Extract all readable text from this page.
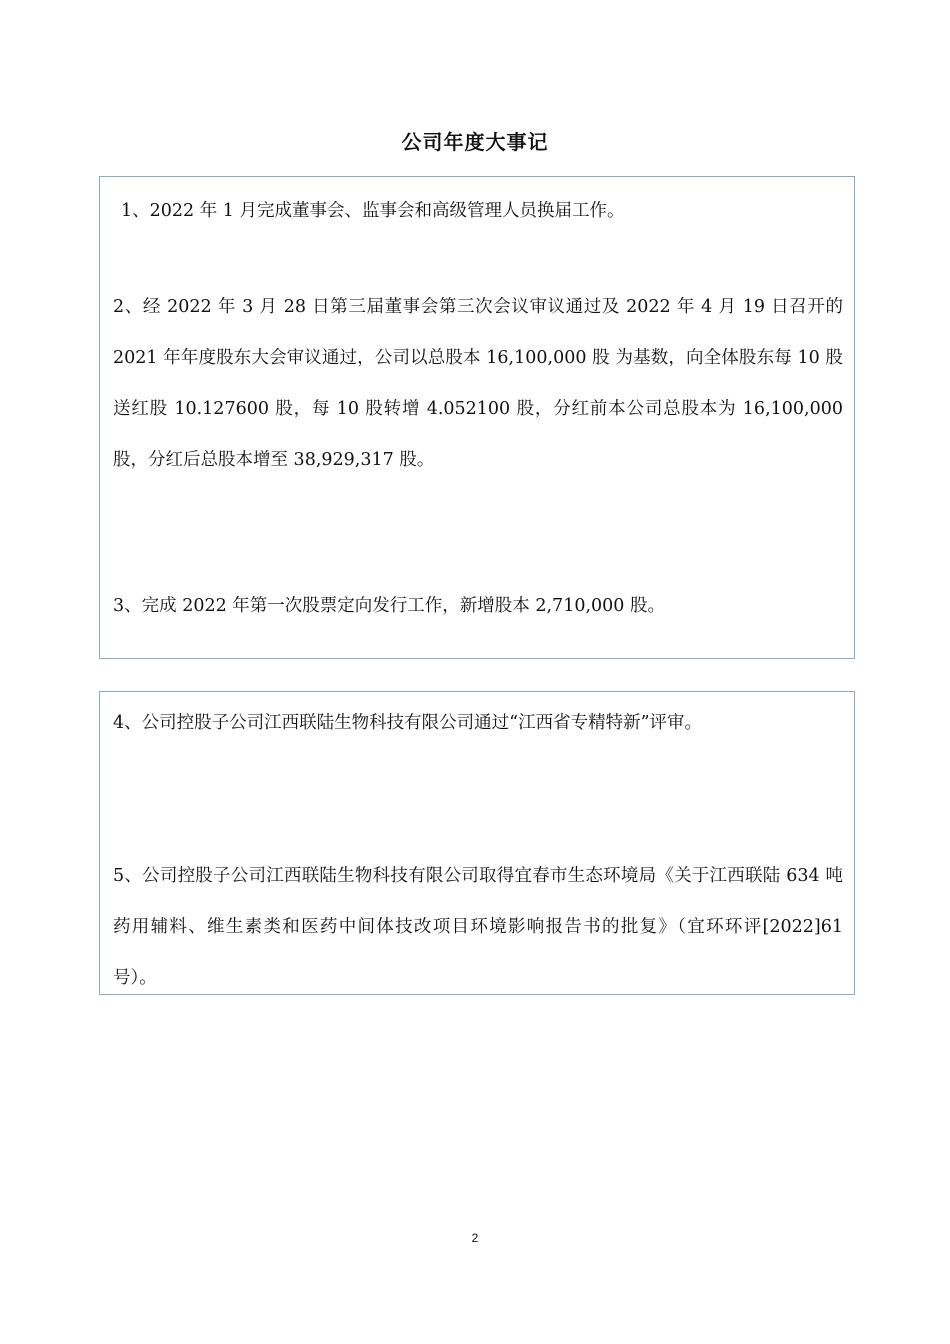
公司年度大事记

1、2022 年 1 月完成董事会、监事会和高级管理人员换届工作。

2、经 2022 年 3 月 28 日第三届董事会第三次会议审议通过及 2022 年 4 月 19 日召开的 2021 年年度股东大会审议通过，公司以总股本 16,100,000 股 为基数，向全体股东每 10 股送红股 10.127600 股，每 10 股转增 4.052100 股，分红前本公司总股本为 16,100,000 股，分红后总股本增至 38,929,317 股。

3、完成 2022 年第一次股票定向发行工作，新增股本 2,710,000 股。

4、公司控股子公司江西联陆生物科技有限公司通过“江西省专精特新”评审。

5、公司控股子公司江西联陆生物科技有限公司取得宜春市生态环境局《关于江西联陆 634 吨药用辅料、维生素类和医药中间体技改项目环境影响报告书的批复》（宜环环评[2022]61 号）。

2
